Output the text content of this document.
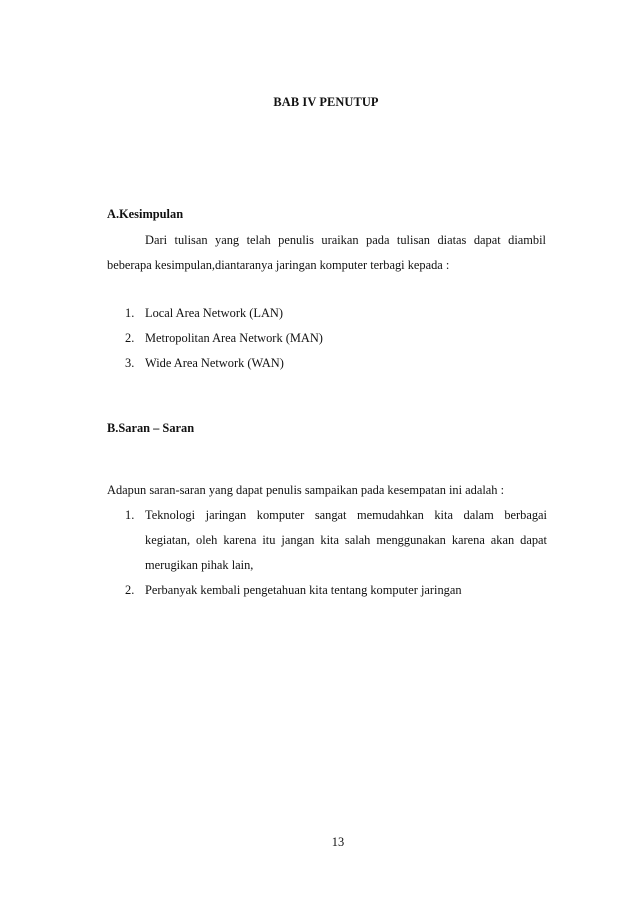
BAB IV PENUTUP
A.Kesimpulan
Dari tulisan yang telah penulis uraikan pada tulisan diatas dapat diambil
beberapa kesimpulan,diantaranya jaringan komputer terbagi kepada :
1. Local Area Network (LAN)
2. Metropolitan Area Network (MAN)
3. Wide Area Network (WAN)
B.Saran – Saran
Adapun saran-saran yang dapat penulis sampaikan pada kesempatan ini adalah :
1. Teknologi jaringan komputer sangat memudahkan kita dalam berbagai
kegiatan, oleh karena itu jangan kita salah menggunakan karena akan dapat
merugikan pihak lain,
2. Perbanyak kembali pengetahuan kita tentang komputer jaringan
13
